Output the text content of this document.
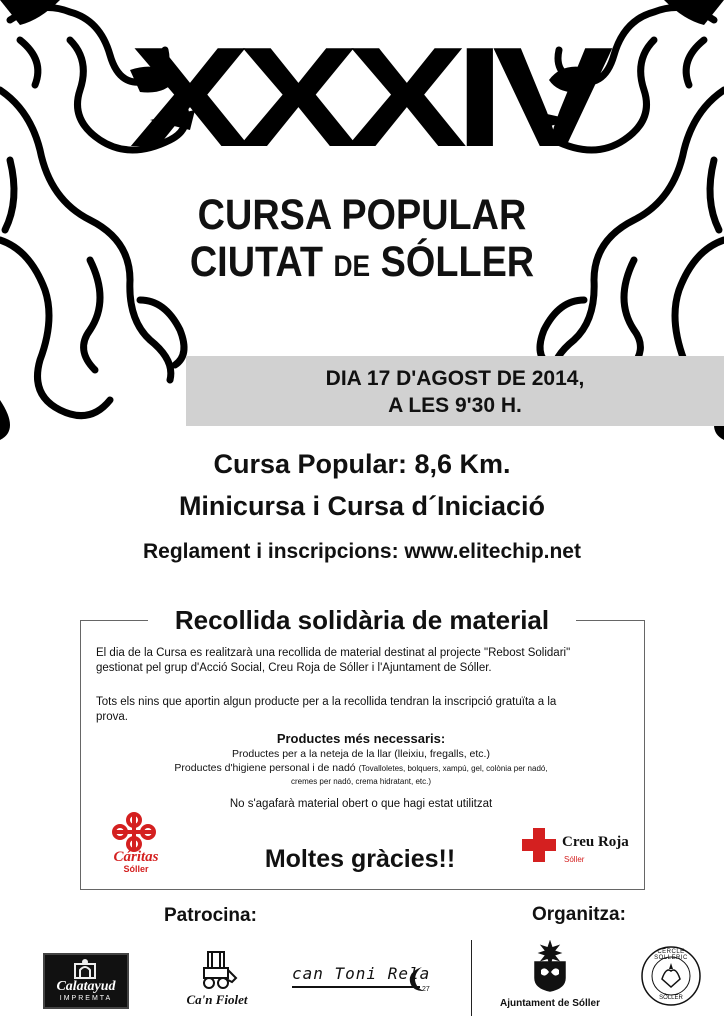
XXXIV
CURSA POPULAR
CIUTAT DE SÓLLER
DIA 17 D'AGOST DE 2014,
A LES 9'30 H.
Cursa Popular: 8,6 Km.
Minicursa i Cursa d´Iniciació
Reglament i inscripcions: www.elitechip.net
Recollida solidària de material
El dia de la Cursa es realitzarà una recollida de material destinat al projecte "Rebost Solidari"
gestionat pel grup d'Acció Social, Creu Roja de Sóller i l'Ajuntament de Sóller.
Tots els nins que aportin algun producte per a la recollida tendran la inscripció gratuïta a la
prova.
Productes més necessaris:
Productes per a la neteja de la llar (lleixiu, fregalls, etc.)
Productes d'higiene personal i de nadó (Tovalloletes, bolquers, xampú, gel, colònia per nadó,
cremes per nadó, crema hidratant, etc.)
No s'agafarà material obert o que hagi estat utilitzat
Moltes gràcies!!
Cáritas
Sóller
Creu Roja
Sóller
Patrocina:	Organitza:
Calatayud
IMPREMTA	Ca'n Fiolet
can Toni Rela
27
Ajuntament de Sóller
CERCLE SOLLERIC
SÓLLER
